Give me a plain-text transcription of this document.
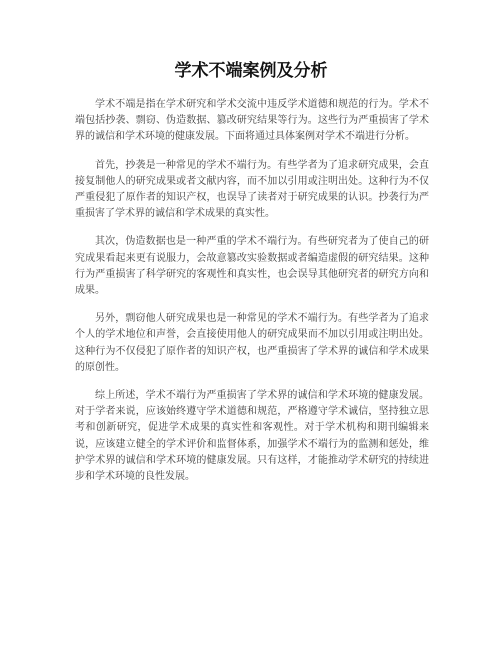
学术不端案例及分析

学术不端是指在学术研究和学术交流中违反学术道德和规范的行为。学术不端包括抄袭、剽窃、伪造数据、篡改研究结果等行为。这些行为严重损害了学术界的诚信和学术环境的健康发展。下面将通过具体案例对学术不端进行分析。

首先，抄袭是一种常见的学术不端行为。有些学者为了追求研究成果，会直接复制他人的研究成果或者文献内容，而不加以引用或注明出处。这种行为不仅严重侵犯了原作者的知识产权，也误导了读者对于研究成果的认识。抄袭行为严重损害了学术界的诚信和学术成果的真实性。

其次，伪造数据也是一种严重的学术不端行为。有些研究者为了使自己的研究成果看起来更有说服力，会故意篡改实验数据或者编造虚假的研究结果。这种行为严重损害了科学研究的客观性和真实性，也会误导其他研究者的研究方向和成果。

另外，剽窃他人研究成果也是一种常见的学术不端行为。有些学者为了追求个人的学术地位和声誉，会直接使用他人的研究成果而不加以引用或注明出处。这种行为不仅侵犯了原作者的知识产权，也严重损害了学术界的诚信和学术成果的原创性。

综上所述，学术不端行为严重损害了学术界的诚信和学术环境的健康发展。对于学者来说，应该始终遵守学术道德和规范，严格遵守学术诚信，坚持独立思考和创新研究，促进学术成果的真实性和客观性。对于学术机构和期刊编辑来说，应该建立健全的学术评价和监督体系，加强学术不端行为的监测和惩处，维护学术界的诚信和学术环境的健康发展。只有这样，才能推动学术研究的持续进步和学术环境的良性发展。
